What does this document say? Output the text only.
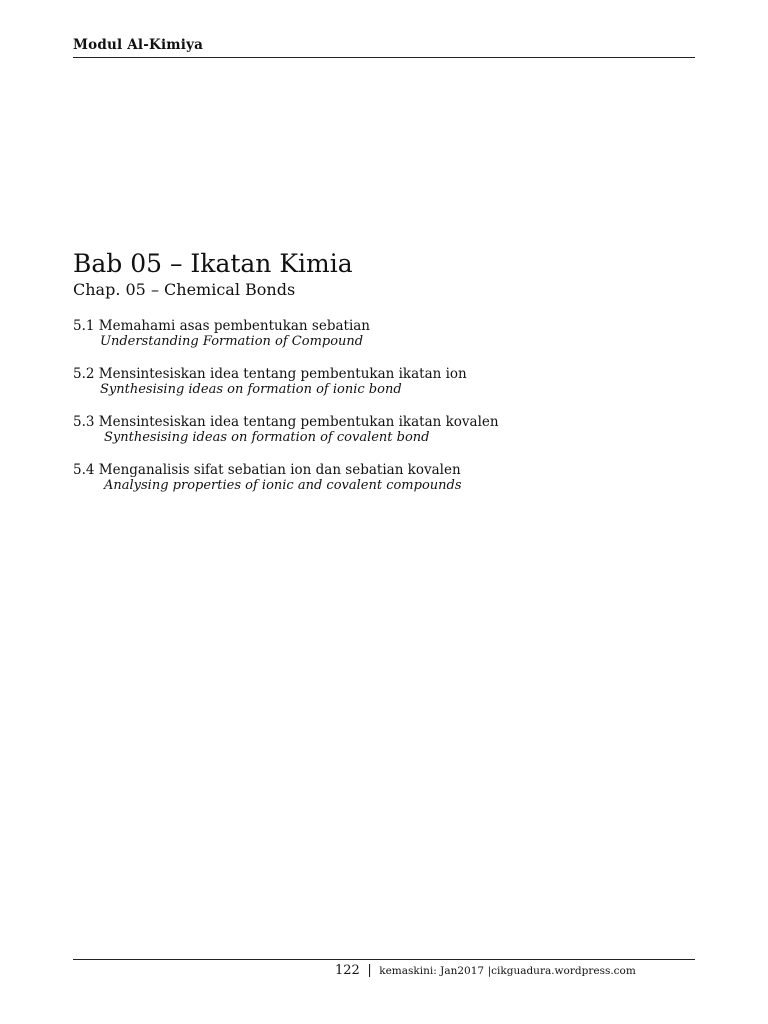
Modul Al-Kimiya
Bab 05 – Ikatan Kimia
Chap. 05 – Chemical Bonds
5.1 Memahami asas pembentukan sebatian
Understanding Formation of Compound
5.2 Mensintesiskan idea tentang pembentukan ikatan ion
Synthesising ideas on formation of ionic bond
5.3 Mensintesiskan idea tentang pembentukan ikatan kovalen
Synthesising ideas on formation of covalent bond
5.4 Menganalisis sifat sebatian ion dan sebatian kovalen
Analysing properties of ionic and covalent compounds
122 | kemaskini: Jan2017 |cikguadura.wordpress.com
